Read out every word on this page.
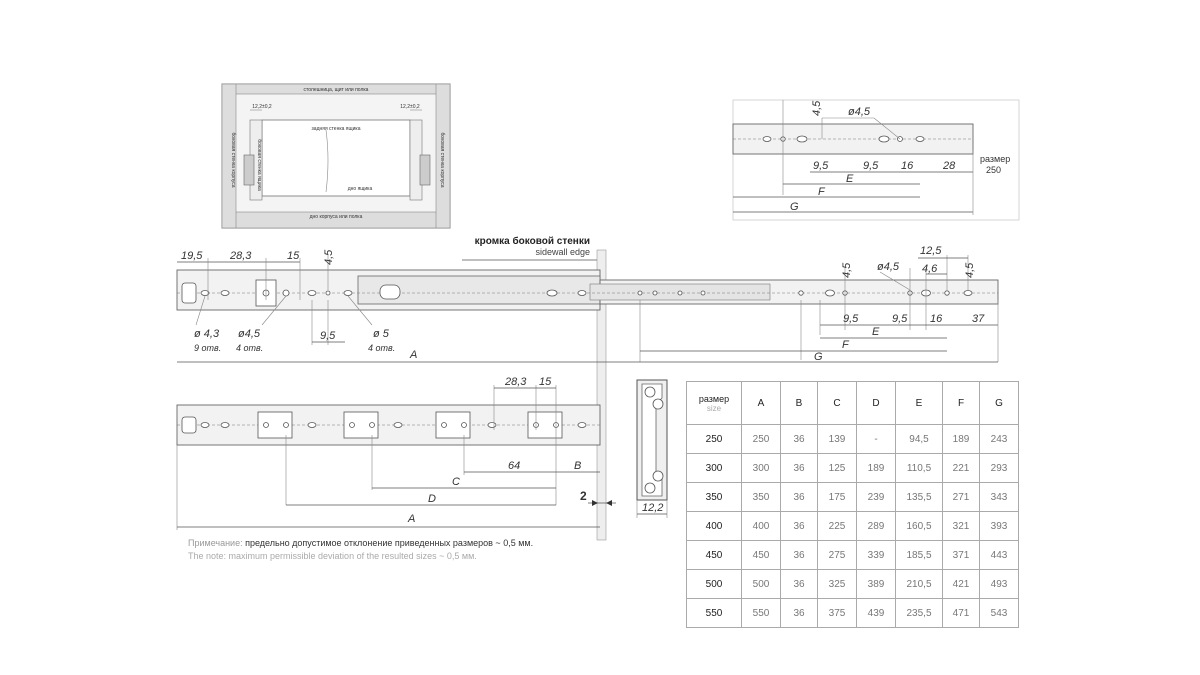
столешница, щит или полка
12,2±0,2	12,2±0,2
задняя стенка ящика
боковая стенка ящика
боковая стенка корпуса	боковая стенка корпуса
дно ящика
дно корпуса или полка
4,5 ø4,5
9,5	9,5 16	28
E
F
G
размер
250
19,5	28,3	15 4,5
ø 4,3
9 отв.
ø4,5
4 отв.
ø 5
4 отв.
9,5
A
12,5
ø4,5 4,6
4,5	4,5
9,5	9,5 16	37
E
F
G
28,3 15
64	B
C
D
A
2
12,2
кромка боковой стенки
sidewall edge
размер
size	A	B	C	D	E	F	G
250	250	36	139	-	94,5	189	243
300	300	36	125	189	110,5	221	293
350	350	36	175	239	135,5	271	343
400	400	36	225	289	160,5	321	393
450	450	36	275	339	185,5	371	443
500	500	36	325	389	210,5	421	493
550	550	36	375	439	235,5	471	543
Примечание: предельно допустимое отклонение приведенных размеров ~ 0,5 мм.
The note: maximum permissible deviation of the resulted sizes ~ 0,5 мм.
